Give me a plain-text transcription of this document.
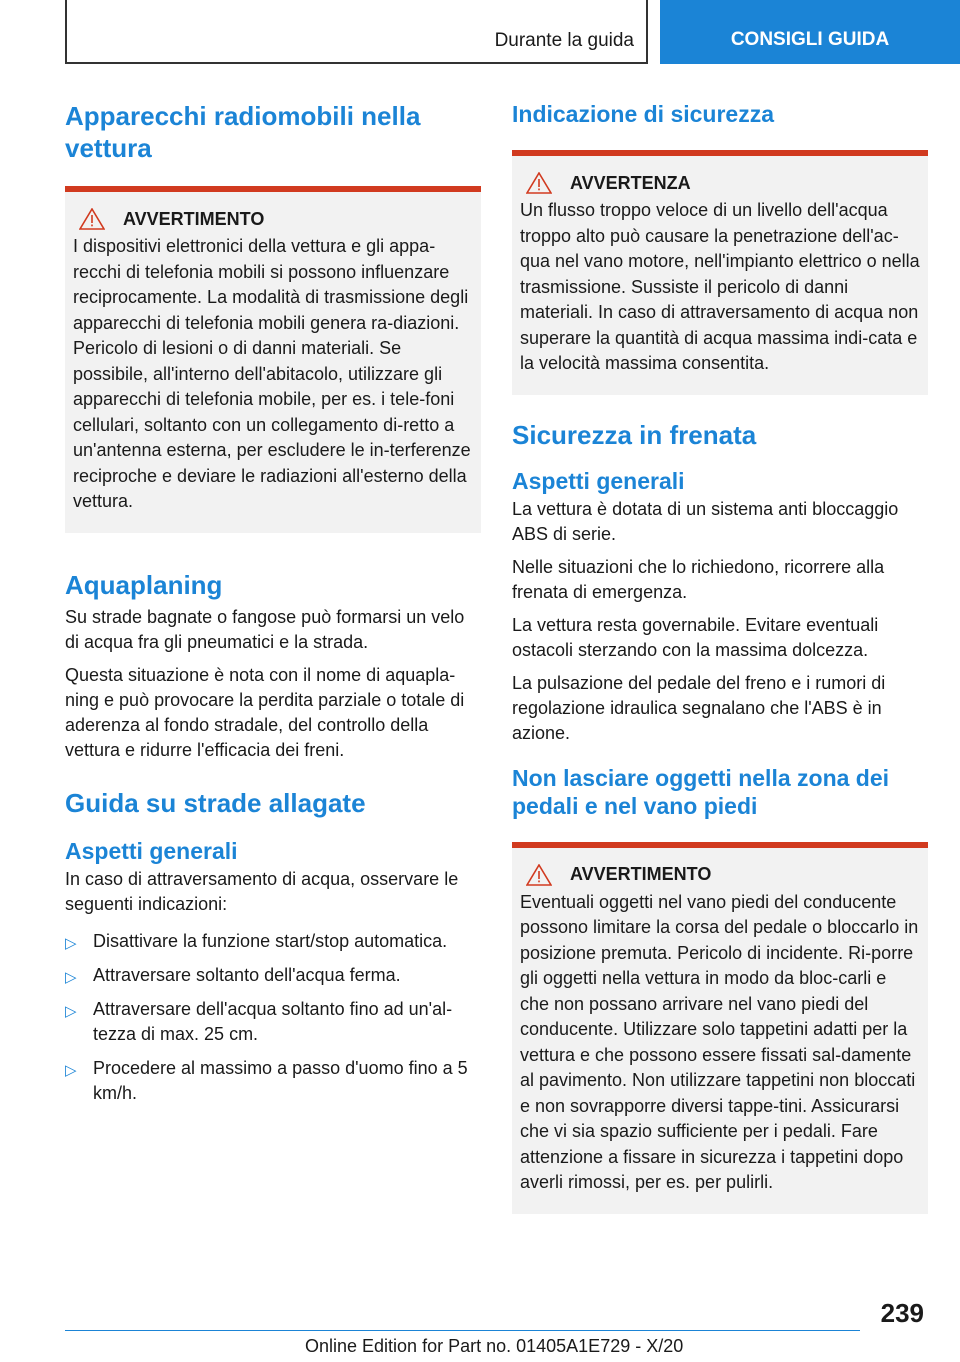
Durante la guida	CONSIGLI GUIDA
Apparecchi radiomobili nella vettura
AVVERTIMENTO
I dispositivi elettronici della vettura e gli appa-recchi di telefonia mobili si possono influenzare reciprocamente. La modalità di trasmissione degli apparecchi di telefonia mobili genera ra-diazioni. Pericolo di lesioni o di danni materiali. Se possibile, all'interno dell'abitacolo, utilizzare gli apparecchi di telefonia mobile, per es. i tele-foni cellulari, soltanto con un collegamento di-retto a un'antenna esterna, per escludere le in-terferenze reciproche e deviare le radiazioni all'esterno della vettura.
Aquaplaning

Su strade bagnate o fangose può formarsi un velo di acqua fra gli pneumatici e la strada.

Questa situazione è nota con il nome di aquapla-ning e può provocare la perdita parziale o totale di aderenza al fondo stradale, del controllo della vettura e ridurre l'efficacia dei freni.

Guida su strade allagate
Aspetti generali

In caso di attraversamento di acqua, osservare le seguenti indicazioni:

▷ Disattivare la funzione start/stop automatica.
▷ Attraversare soltanto dell'acqua ferma.
▷ Attraversare dell'acqua soltanto fino ad un'al-tezza di max. 25 cm.
▷ Procedere al massimo a passo d'uomo fino a 5 km/h.
Indicazione di sicurezza
AVVERTENZA
Un flusso troppo veloce di un livello dell'acqua troppo alto può causare la penetrazione dell'ac-qua nel vano motore, nell'impianto elettrico o nella trasmissione. Sussiste il pericolo di danni materiali. In caso di attraversamento di acqua non superare la quantità di acqua massima indi-cata e la velocità massima consentita.
Sicurezza in frenata
Aspetti generali

La vettura è dotata di un sistema anti bloccaggio ABS di serie.

Nelle situazioni che lo richiedono, ricorrere alla frenata di emergenza.

La vettura resta governabile. Evitare eventuali ostacoli sterzando con la massima dolcezza.

La pulsazione del pedale del freno e i rumori di regolazione idraulica segnalano che l'ABS è in azione.

Non lasciare oggetti nella zona dei pedali e nel vano piedi
AVVERTIMENTO
Eventuali oggetti nel vano piedi del conducente possono limitare la corsa del pedale o bloccarlo in posizione premuta. Pericolo di incidente. Ri-porre gli oggetti nella vettura in modo da bloc-carli e che non possano arrivare nel vano piedi del conducente. Utilizzare solo tappetini adatti per la vettura e che possono essere fissati sal-damente al pavimento. Non utilizzare tappetini non bloccati e non sovrapporre diversi tappe-tini. Assicurarsi che vi sia spazio sufficiente per i pedali. Fare attenzione a fissare in sicurezza i tappetini dopo averli rimossi, per es. per pulirli.
239
Online Edition for Part no. 01405A1E729 - X/20
